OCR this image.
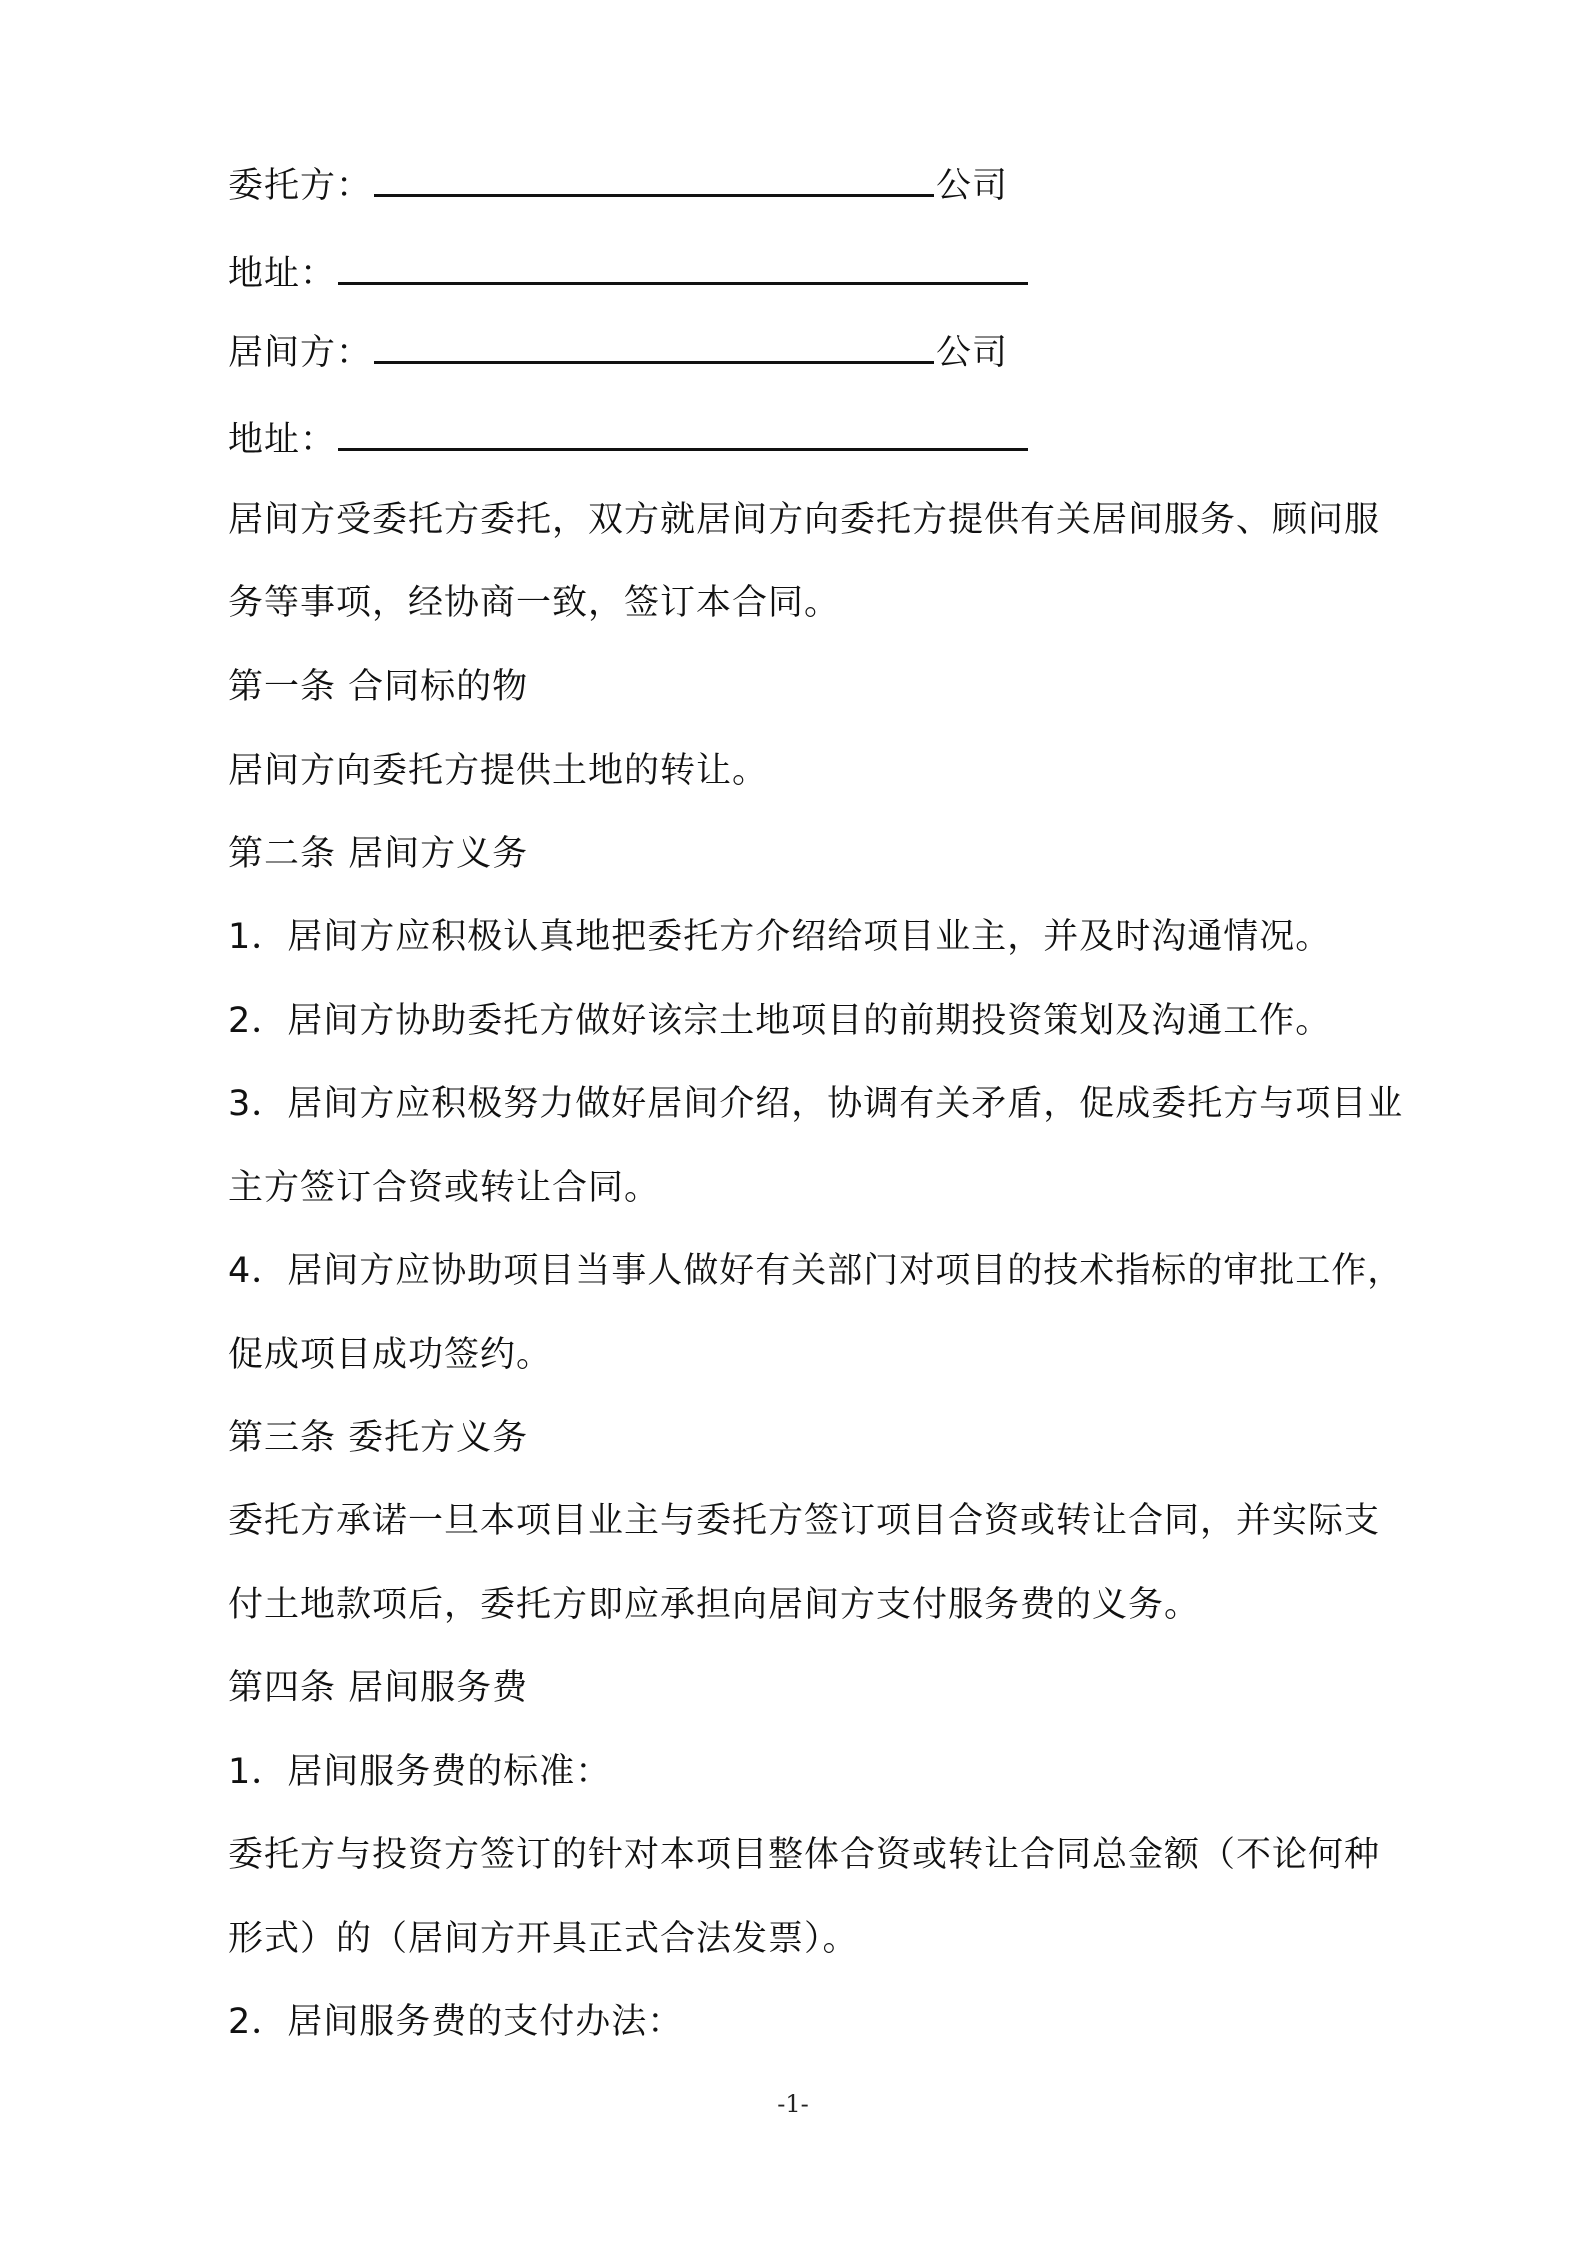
委托方：	公司
地址：
居间方：	公司
地址：
居间方受委托方委托，双方就居间方向委托方提供有关居间服务、顾问服
务等事项，经协商一致，签订本合同。
第一条 合同标的物
居间方向委托方提供土地的转让。
第二条 居间方义务
1．居间方应积极认真地把委托方介绍给项目业主，并及时沟通情况。
2．居间方协助委托方做好该宗土地项目的前期投资策划及沟通工作。
3．居间方应积极努力做好居间介绍，协调有关矛盾，促成委托方与项目业
主方签订合资或转让合同。
4．居间方应协助项目当事人做好有关部门对项目的技术指标的审批工作，
促成项目成功签约。
第三条 委托方义务
委托方承诺一旦本项目业主与委托方签订项目合资或转让合同，并实际支
付土地款项后，委托方即应承担向居间方支付服务费的义务。
第四条 居间服务费
1．居间服务费的标准：
委托方与投资方签订的针对本项目整体合资或转让合同总金额（不论何种
形式）的（居间方开具正式合法发票）。
2．居间服务费的支付办法：
-1-
